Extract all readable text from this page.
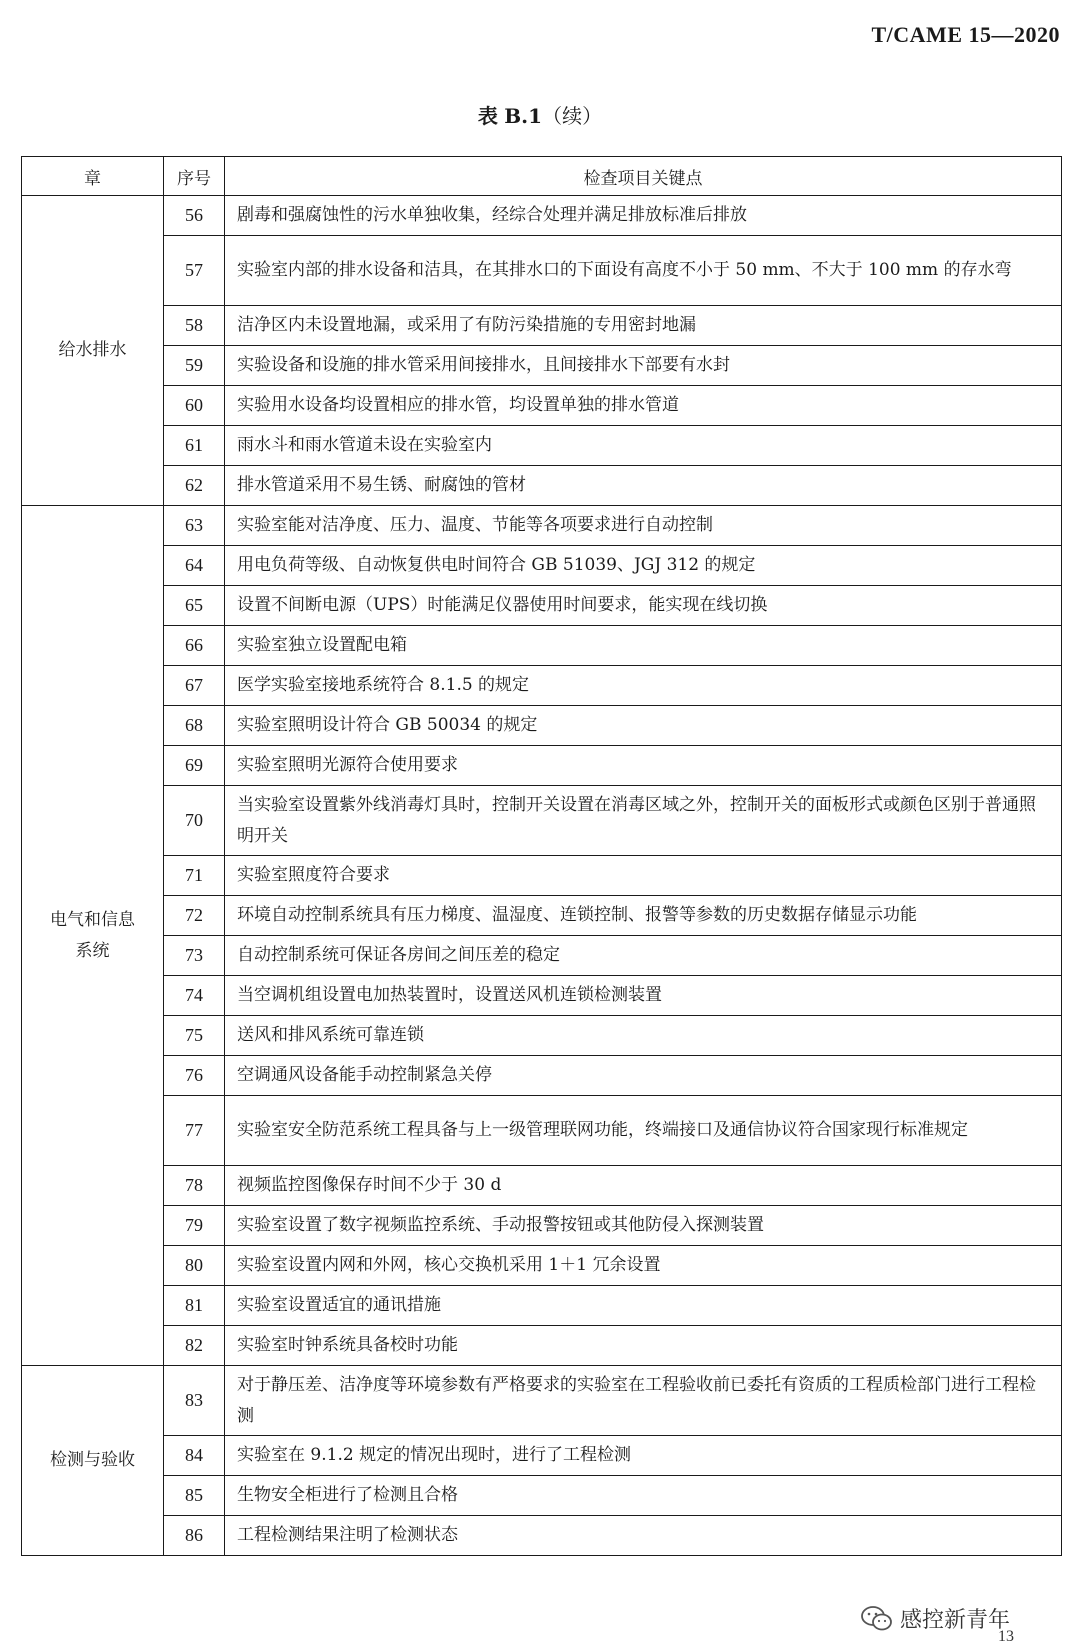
T/CAME 15—2020
表 B.1（续）
章	序号	检查项目关键点
给水排水	56	剧毒和强腐蚀性的污水单独收集，经综合处理并满足排放标准后排放
	57	实验室内部的排水设备和洁具，在其排水口的下面设有高度不小于 50 mm、不大于 100 mm 的存水弯
	58	洁净区内未设置地漏，或采用了有防污染措施的专用密封地漏
	59	实验设备和设施的排水管采用间接排水，且间接排水下部要有水封
	60	实验用水设备均设置相应的排水管，均设置单独的排水管道
	61	雨水斗和雨水管道未设在实验室内
	62	排水管道采用不易生锈、耐腐蚀的管材
电气和信息系统	63	实验室能对洁净度、压力、温度、节能等各项要求进行自动控制
	64	用电负荷等级、自动恢复供电时间符合 GB 51039、JGJ 312 的规定
	65	设置不间断电源（UPS）时能满足仪器使用时间要求，能实现在线切换
	66	实验室独立设置配电箱
	67	医学实验室接地系统符合 8.1.5 的规定
	68	实验室照明设计符合 GB 50034 的规定
	69	实验室照明光源符合使用要求
	70	当实验室设置紫外线消毒灯具时，控制开关设置在消毒区域之外，控制开关的面板形式或颜色区别于普通照明开关
	71	实验室照度符合要求
	72	环境自动控制系统具有压力梯度、温湿度、连锁控制、报警等参数的历史数据存储显示功能
	73	自动控制系统可保证各房间之间压差的稳定
	74	当空调机组设置电加热装置时，设置送风机连锁检测装置
	75	送风和排风系统可靠连锁
	76	空调通风设备能手动控制紧急关停
	77	实验室安全防范系统工程具备与上一级管理联网功能，终端接口及通信协议符合国家现行标准规定
	78	视频监控图像保存时间不少于 30 d
	79	实验室设置了数字视频监控系统、手动报警按钮或其他防侵入探测装置
	80	实验室设置内网和外网，核心交换机采用 1＋1 冗余设置
	81	实验室设置适宜的通讯措施
	82	实验室时钟系统具备校时功能
检测与验收	83	对于静压差、洁净度等环境参数有严格要求的实验室在工程验收前已委托有资质的工程质检部门进行工程检测
	84	实验室在 9.1.2 规定的情况出现时，进行了工程检测
	85	生物安全柜进行了检测且合格
	86	工程检测结果注明了检测状态
感控新青年
13
